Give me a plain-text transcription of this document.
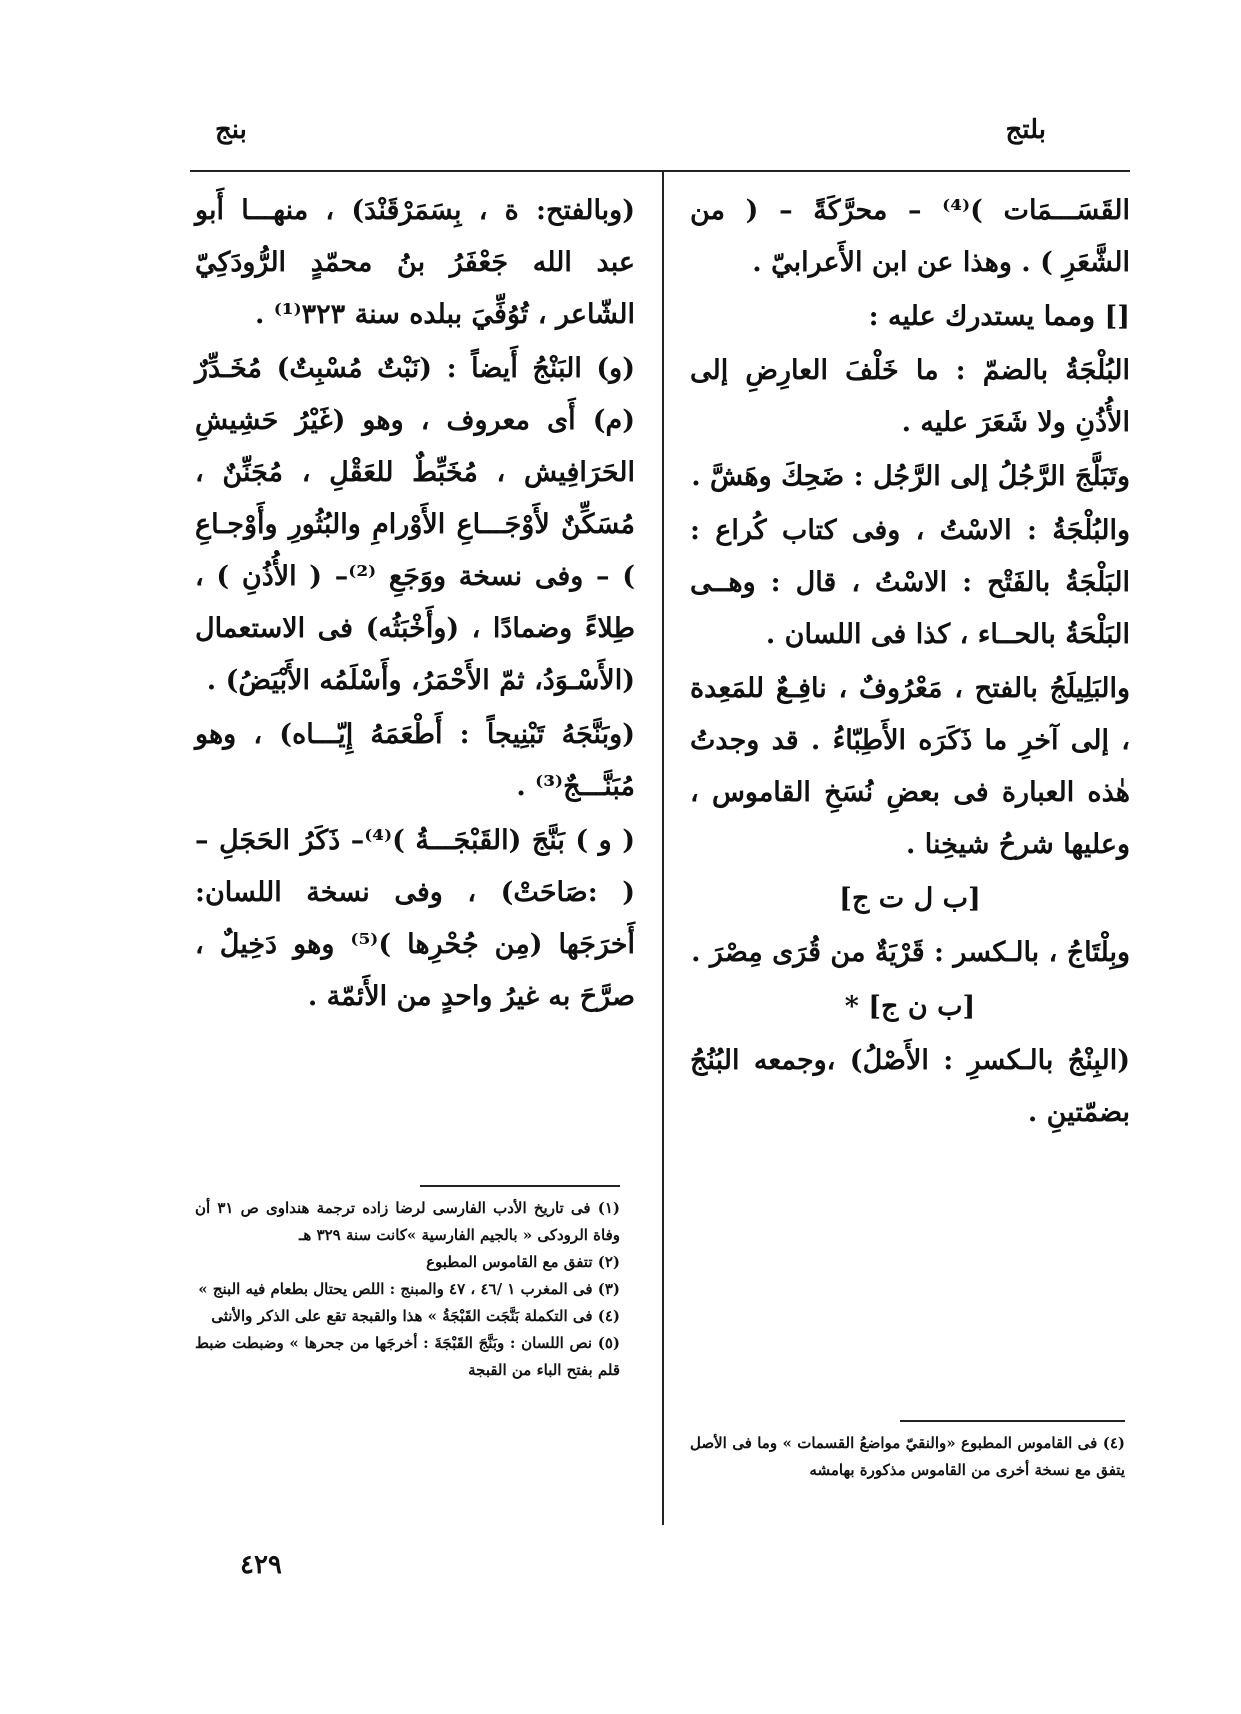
بلتج
بنج

القَسَـــمَات )⁽⁴⁾ – محرَّكَةً – ( من الشَّعَرِ ) . وهذا عن ابن الأَعرابيّ .

[] ومما يستدرك عليه :

البُلْجَةُ بالضمّ : ما خَلْفَ العارِضِ إلى الأُذُنِ ولا شَعَرَ عليه .

وتَبَلَّجَ الرَّجُلُ إلى الرَّجُل : ضَحِكَ وهَشَّ .

والبُلْجَةُ : الاسْتُ ، وفى كتاب كُراع : البَلْجَةُ بالفَتْح : الاسْتُ ، قال : وهــى البَلْحَةُ بالحــاء ، كذا فى اللسان .

والبَلِيلَجُ بالفتح ، مَعْرُوفٌ ، نافِـعٌ للمَعِدة ، إلى آخرِ ما ذَكَرَه الأَطِبّاءُ . قد وجدتُ هٰذه العبارة فى بعضِ نُسَخِ القاموس ، وعليها شرحُ شيخِنا .

[ب ل ت ج]

وبِلْتَاجُ ، بالـكسر : قَرْيَةٌ من قُرَى مِصْرَ .

[ب ن ج] *

(البِنْجُ بالـكسرِ : الأَصْلُ) ،وجمعه البُنُجُ بضمّتينِ .

(وبالفتح: ة ، بِسَمَرْقَنْدَ) ، منهـــا أَبو عبد الله جَعْفَرُ بنُ محمّدٍ الرُّودَكِيّ الشّاعر ، تُوُفِّيَ ببلده سنة ٣٢٣⁽¹⁾ .

(و) البَنْجُ أَيضاً : (نَبْتٌ مُسْبِتٌ) مُخَـدِّرٌ (م) أَى معروف ، وهو (غَيْرُ حَشِيشِ الحَرَافِيش ، مُخَبِّطٌ للعَقْلِ ، مُجَنِّنٌ ، مُسَكِّنٌ لأَوْجَـــاعِ الأَوْرامِ والبُثُورِ وأَوْجـاعِ ) – وفى نسخة ووَجَعِ ⁽²⁾– ( الأُذُنِ ) ، طِلاءً وضمادًا ، (وأَخْبَثُه) فى الاستعمال (الأَسْـوَدُ، ثمّ الأَحْمَرُ، وأَسْلَمُه الأَبْيَضُ) .

(وبَنَّجَهُ تَبْنِيجاً : أَطْعَمَهُ إِيّـــاه) ، وهو مُبَنَّـــجٌ⁽³⁾ .

( و ) بَنَّجَ (القَبْجَـــةُ )⁽⁴⁾– ذَكَرُ الحَجَلِ – ( :صَاحَتْ) ، وفى نسخة اللسان: أَخرَجَها (مِن جُحْرِها )⁽⁵⁾ وهو دَخِيلٌ ، صرَّحَ به غيرُ واحدٍ من الأَئمّة .

(١) فى تاريخ الأدب الفارسى لرضا زاده ترجمة هنداوى ص ٣١ أن وفاة الرودكى « بالجيم الفارسية »كانت سنة ٣٢٩ هـ

(٢) تتفق مع القاموس المطبوع

(٣) فى المغرب ١ /٤٦ ، ٤٧ والمبنج : اللص يحتال بطعام فيه البنج »

(٤) فى التكملة بَنَّجَت القَبْجَةُ » هذا والقبجة تقع على الذكر والأنثى

(٥) نص اللسان : وبَنَّجَ القَبْجَةَ : أخرجَها من جحرها » وضبطت ضبط قلم بفتح الباء من القبجة

(٤) فى القاموس المطبوع «والنقيّ مواضعُ القسمات » وما فى الأصل يتفق مع نسخة أخرى من القاموس مذكورة بهامشه

٤٢٩
